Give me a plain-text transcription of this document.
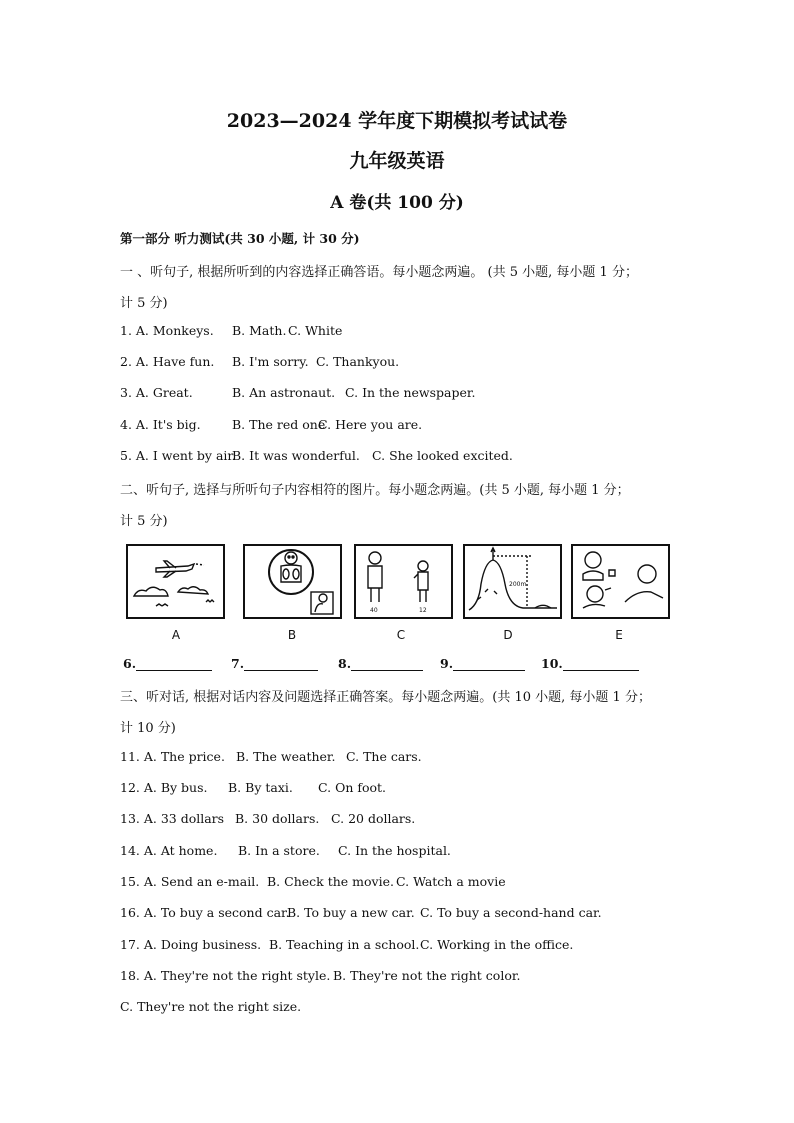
2023—2024 学年度下期模拟考试试卷
九年级英语
A 卷(共 100 分)
第一部分 听力测试(共 30 小题, 计 30 分)
一 、听句子, 根据所听到的内容选择正确答语。每小题念两遍。 (共 5 小题, 每小题 1 分；
计 5 分)
1. A. Monkeys. B. Math. C. White
2. A. Have fun. B. I'm sorry. C. Thankyou.
3. A. Great.	B. An astronaut. C. In the newspaper.
4. A. It's big.	B. The red one
C. Here you are.
5. A. I went by air.
B. It was wonderful. C. She looked excited.
二、听句子, 选择与所听句子内容相符的图片。每小题念两遍。(共 5 小题, 每小题 1 分；
计 5 分)
40	12
200m
A	B	C	D	E
6.	7.	8.	9.	10.
三、听对话, 根据对话内容及问题选择正确答案。每小题念两遍。(共 10 小题, 每小题 1 分；
计 10 分)
11. A. The price. B. The weather. C. The cars.
12. A. By bus. B. By taxi. C. On foot.
13. A. 33 dollars B. 30 dollars. C. 20 dollars.
14. A. At home. B. In a store. C. In the hospital.
15. A. Send an e-mail. B. Check the movie. C. Watch a movie
16. A. To buy a second car.
B. To buy a new car. C. To buy a second-hand car.
17. A. Doing business. B. Teaching in a school. C. Working in the office.
18. A. They're not the right style. B. They're not the right color.
C. They're not the right size.
